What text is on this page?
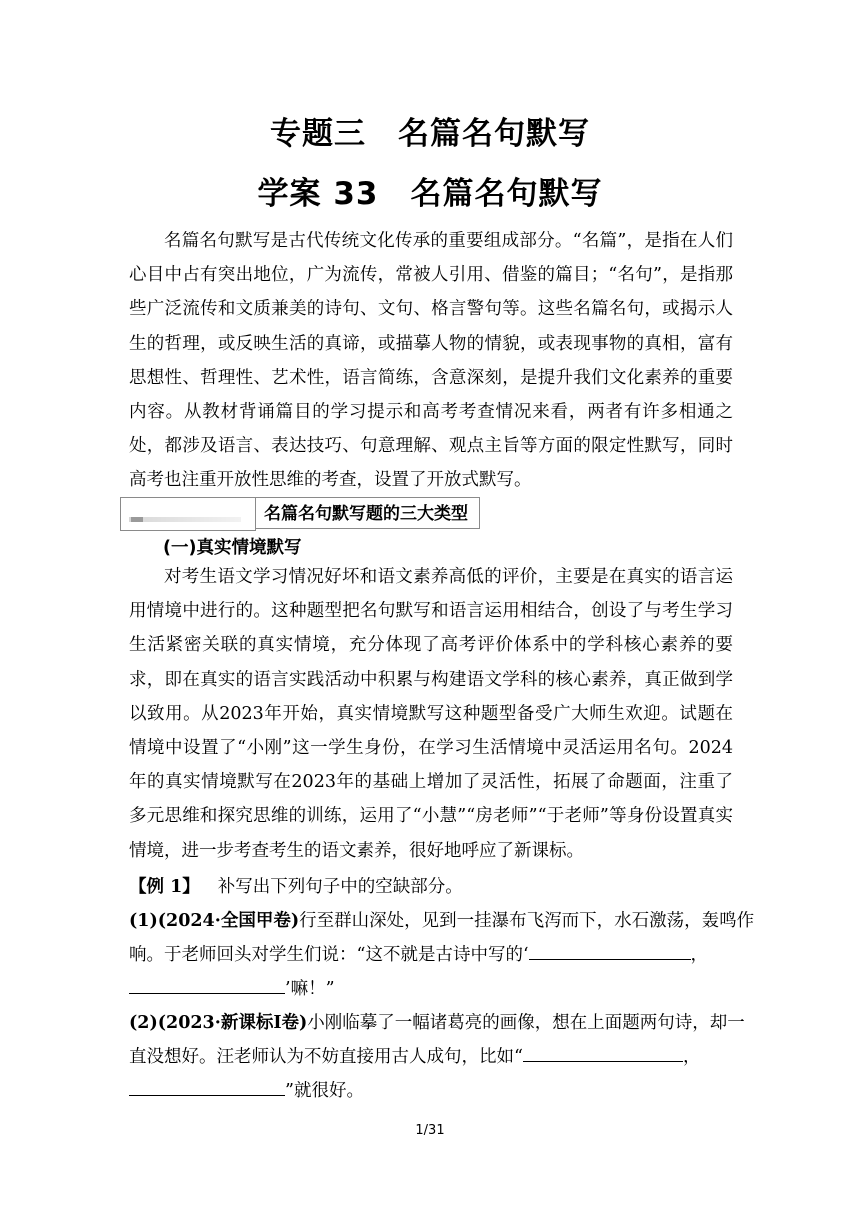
专题三　名篇名句默写
学案 33　名篇名句默写

名篇名句默写是古代传统文化传承的重要组成部分。“名篇”，是指在人们心目中占有突出地位，广为流传，常被人引用、借鉴的篇目；“名句”，是指那些广泛流传和文质兼美的诗句、文句、格言警句等。这些名篇名句，或揭示人生的哲理，或反映生活的真谛，或描摹人物的情貌，或表现事物的真相，富有思想性、哲理性、艺术性，语言简练，含意深刻，是提升我们文化素养的重要内容。从教材背诵篇目的学习提示和高考考查情况来看，两者有许多相通之处，都涉及语言、表达技巧、句意理解、观点主旨等方面的限定性默写，同时高考也注重开放性思维的考查，设置了开放式默写。

名篇名句默写题的三大类型
(一)真实情境默写

对考生语文学习情况好坏和语文素养高低的评价，主要是在真实的语言运用情境中进行的。这种题型把名句默写和语言运用相结合，创设了与考生学习生活紧密关联的真实情境，充分体现了高考评价体系中的学科核心素养的要求，即在真实的语言实践活动中积累与构建语文学科的核心素养，真正做到学以致用。从2023年开始，真实情境默写这种题型备受广大师生欢迎。试题在情境中设置了“小刚”这一学生身份，在学习生活情境中灵活运用名句。2024年的真实情境默写在2023年的基础上增加了灵活性，拓展了命题面，注重了多元思维和探究思维的训练，运用了“小慧”“房老师”“于老师”等身份设置真实情境，进一步考查考生的语文素养，很好地呼应了新课标。

【例 1】 补写出下列句子中的空缺部分。
(1)(2024·全国甲卷)行至群山深处，见到一挂瀑布飞泻而下，水石激荡，轰鸣作
响。于老师回头对学生们说：“这不就是古诗中写的‘	，
’嘛！”
(2)(2023·新课标Ⅰ卷)小刚临摹了一幅诸葛亮的画像，想在上面题两句诗，却一
直没想好。汪老师认为不妨直接用古人成句，比如“	，
”就很好。
1/31
